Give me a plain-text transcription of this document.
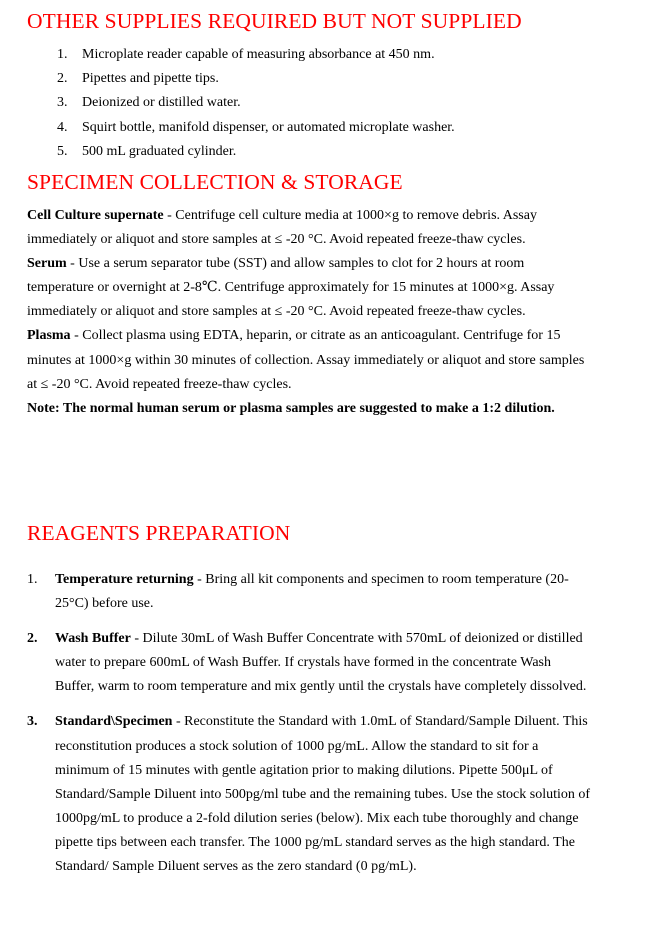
OTHER SUPPLIES REQUIRED BUT NOT SUPPLIED
1. Microplate reader capable of measuring absorbance at 450 nm.
2. Pipettes and pipette tips.
3. Deionized or distilled water.
4. Squirt bottle, manifold dispenser, or automated microplate washer.
5. 500 mL graduated cylinder.
SPECIMEN COLLECTION & STORAGE

Cell Culture supernate - Centrifuge cell culture media at 1000×g to remove debris. Assay immediately or aliquot and store samples at ≤ -20 °C. Avoid repeated freeze-thaw cycles.

Serum - Use a serum separator tube (SST) and allow samples to clot for 2 hours at room temperature or overnight at 2-8℃. Centrifuge approximately for 15 minutes at 1000×g. Assay immediately or aliquot and store samples at ≤ -20 °C. Avoid repeated freeze-thaw cycles.

Plasma - Collect plasma using EDTA, heparin, or citrate as an anticoagulant. Centrifuge for 15 minutes at 1000×g within 30 minutes of collection. Assay immediately or aliquot and store samples at ≤ -20 °C. Avoid repeated freeze-thaw cycles.

Note: The normal human serum or plasma samples are suggested to make a 1:2 dilution.

REAGENTS PREPARATION
1. Temperature returning - Bring all kit components and specimen to room temperature (20-25°C) before use.
2. Wash Buffer - Dilute 30mL of Wash Buffer Concentrate with 570mL of deionized or distilled water to prepare 600mL of Wash Buffer. If crystals have formed in the concentrate Wash Buffer, warm to room temperature and mix gently until the crystals have completely dissolved.
3. Standard\Specimen - Reconstitute the Standard with 1.0mL of Standard/Sample Diluent. This reconstitution produces a stock solution of 1000 pg/mL. Allow the standard to sit for a minimum of 15 minutes with gentle agitation prior to making dilutions. Pipette 500μL of Standard/Sample Diluent into 500pg/ml tube and the remaining tubes. Use the stock solution of 1000pg/mL to produce a 2-fold dilution series (below). Mix each tube thoroughly and change pipette tips between each transfer. The 1000 pg/mL standard serves as the high standard. The Standard/ Sample Diluent serves as the zero standard (0 pg/mL).
